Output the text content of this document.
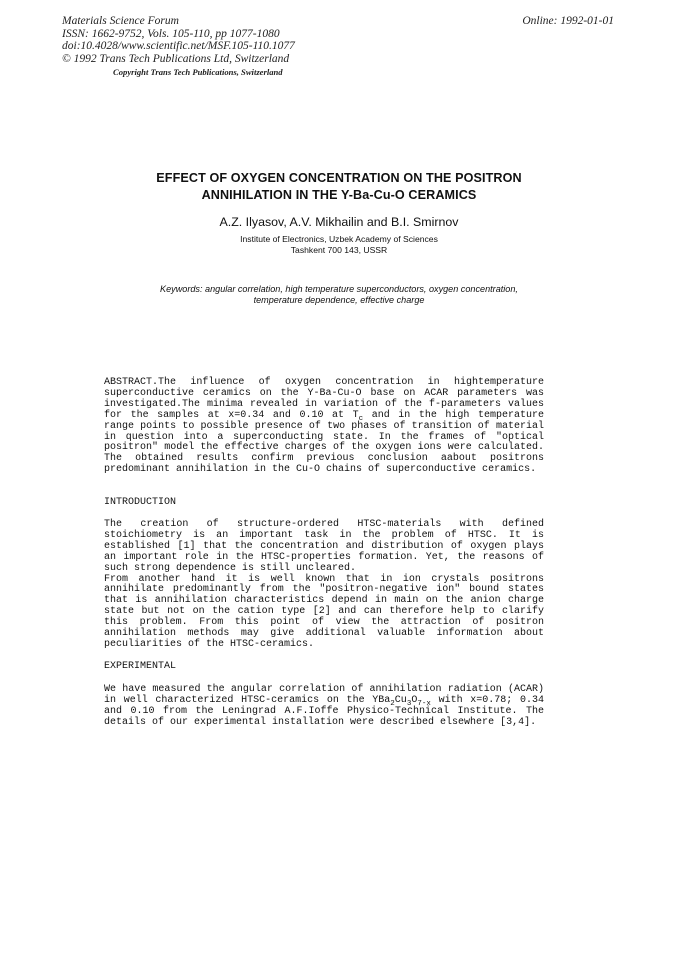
Materials Science Forum
ISSN: 1662-9752, Vols. 105-110, pp 1077-1080
doi:10.4028/www.scientific.net/MSF.105-110.1077
© 1992 Trans Tech Publications Ltd, Switzerland
Online: 1992-01-01
Copyright Trans Tech Publications, Switzerland
EFFECT OF OXYGEN CONCENTRATION ON THE POSITRON
ANNIHILATION IN THE Y-Ba-Cu-O CERAMICS
A.Z. Ilyasov, A.V. Mikhailin and B.I. Smirnov
Institute of Electronics, Uzbek Academy of Sciences
Tashkent 700 143, USSR
Keywords: angular correlation, high temperature superconductors, oxygen concentration,
temperature dependence, effective charge

ABSTRACT.The influence of oxygen concentration in hightemperature superconductive ceramics on the Y-Ba-Cu-O base on ACAR parameters was investigated.The minima revealed in variation of the f-parameters values for the samples at x=0.34 and 0.10 at $T_c$ and in the high temperature range points to possible presence of two phases of transition of material in question into a superconducting state. In the frames of "optical positron" model the effective charges of the oxygen ions were calculated. The obtained results confirm previous conclusion aabout positrons predominant annihilation in the Cu-O chains of superconductive ceramics.

INTRODUCTION

The creation of structure-ordered HTSC-materials with defined stoichiometry is an important task in the problem of HTSC. It is established [1] that the concentration and distribution of oxygen plays an important role in the HTSC-properties formation. Yet, the reasons of such strong dependence is still uncleared.

From another hand it is well known that in ion crystals positrons annihilate predominantly from the "positron-negative ion" bound states that is annihilation characteristics depend in main on the anion charge state but not on the cation type [2] and can therefore help to clarify this problem. From this point of view the attraction of positron annihilation methods may give additional valuable information about peculiarities of the HTSC-ceramics.

EXPERIMENTAL

We have measured the angular correlation of annihilation radiation (ACAR) in well characterized HTSC-ceramics on the $YBa_2Cu_3O_{7-x}$ with x=0.78; 0.34 and 0.10 from the Leningrad A.F.Ioffe Physico-Technical Institute. The details of our experimental installation were described elsewhere [3,4].
